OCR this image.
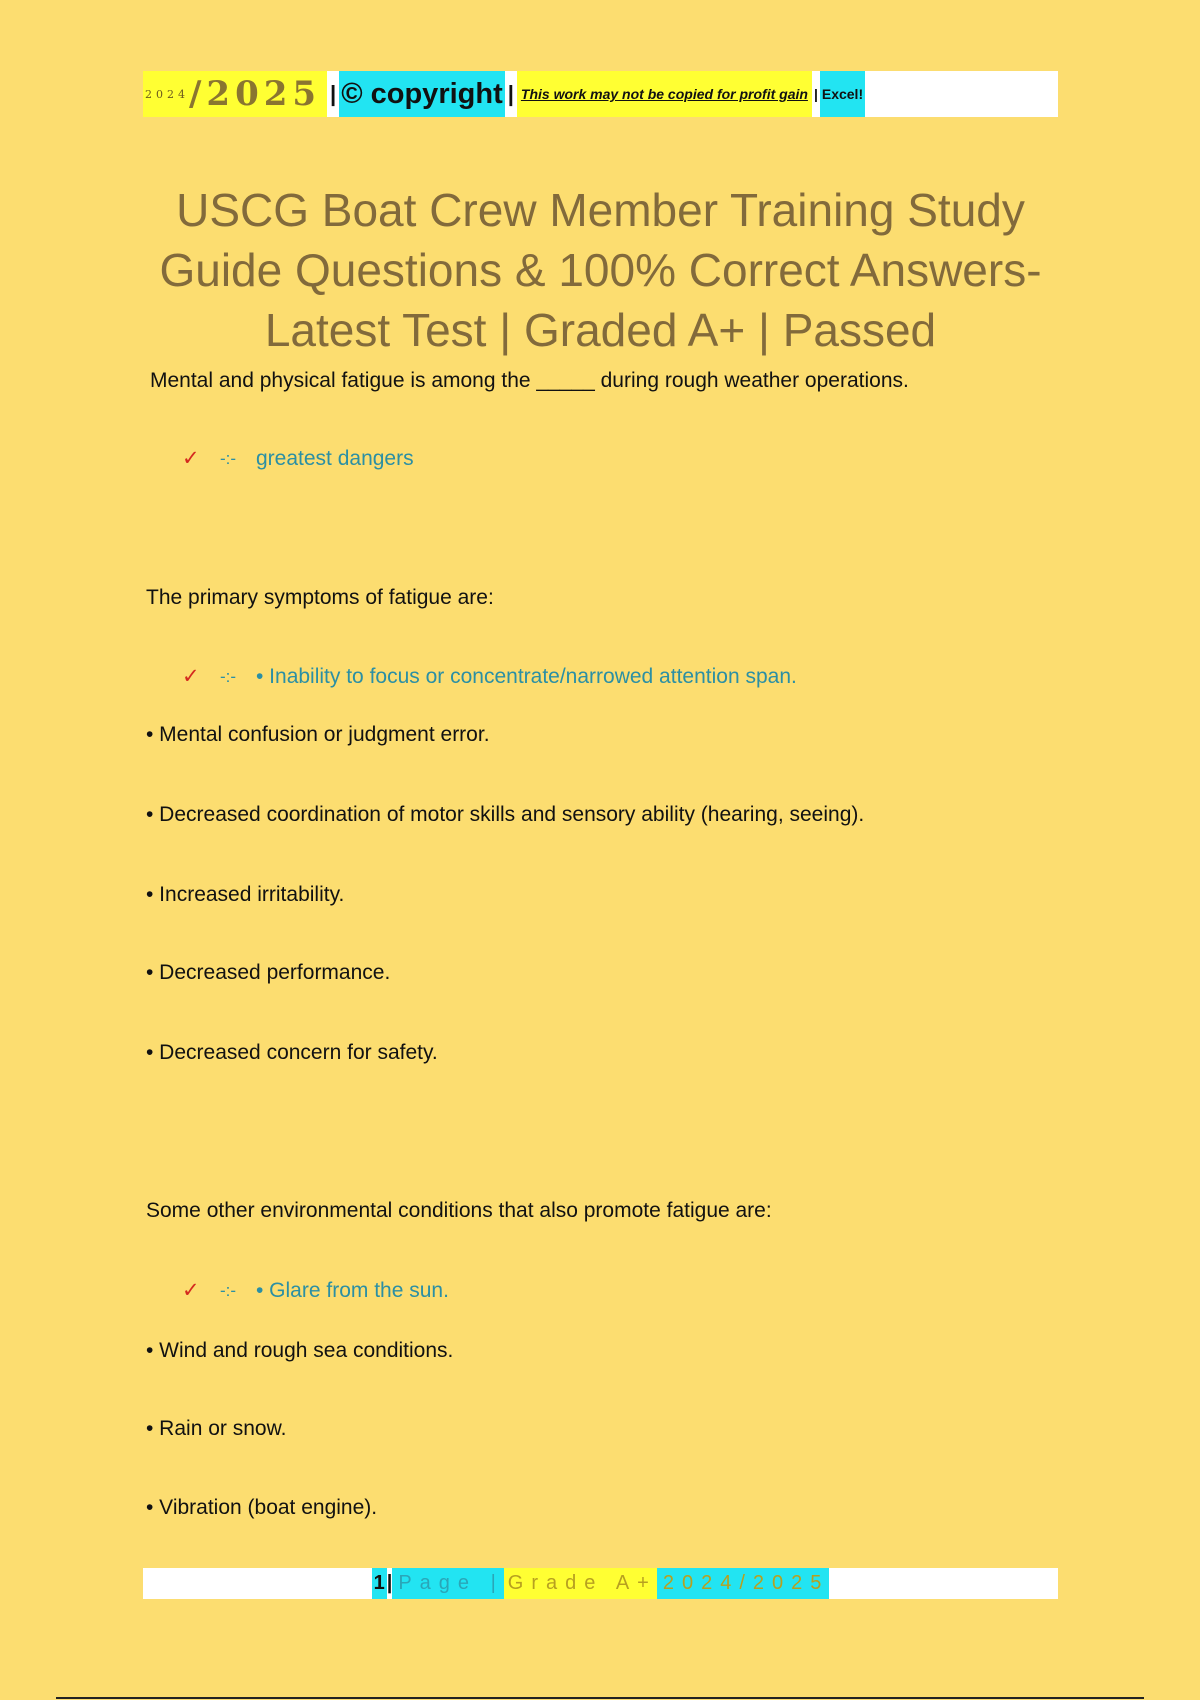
2024 /2025 | © copyright | This work may not be copied for profit gain | Excel!
USCG Boat Crew Member Training Study
Guide Questions & 100% Correct Answers-
Latest Test | Graded A+ | Passed
Mental and physical fatigue is among the _____ during rough weather operations.
✓	-:- greatest dangers
The primary symptoms of fatigue are:
✓	-:- • Inability to focus or concentrate/narrowed attention span.
• Mental confusion or judgment error.
• Decreased coordination of motor skills and sensory ability (hearing, seeing).
• Increased irritability.
• Decreased performance.
• Decreased concern for safety.
Some other environmental conditions that also promote fatigue are:
✓	-:- • Glare from the sun.
• Wind and rough sea conditions.
• Rain or snow.
• Vibration (boat engine).
1 | Page | Grade A+ 2024/2025
